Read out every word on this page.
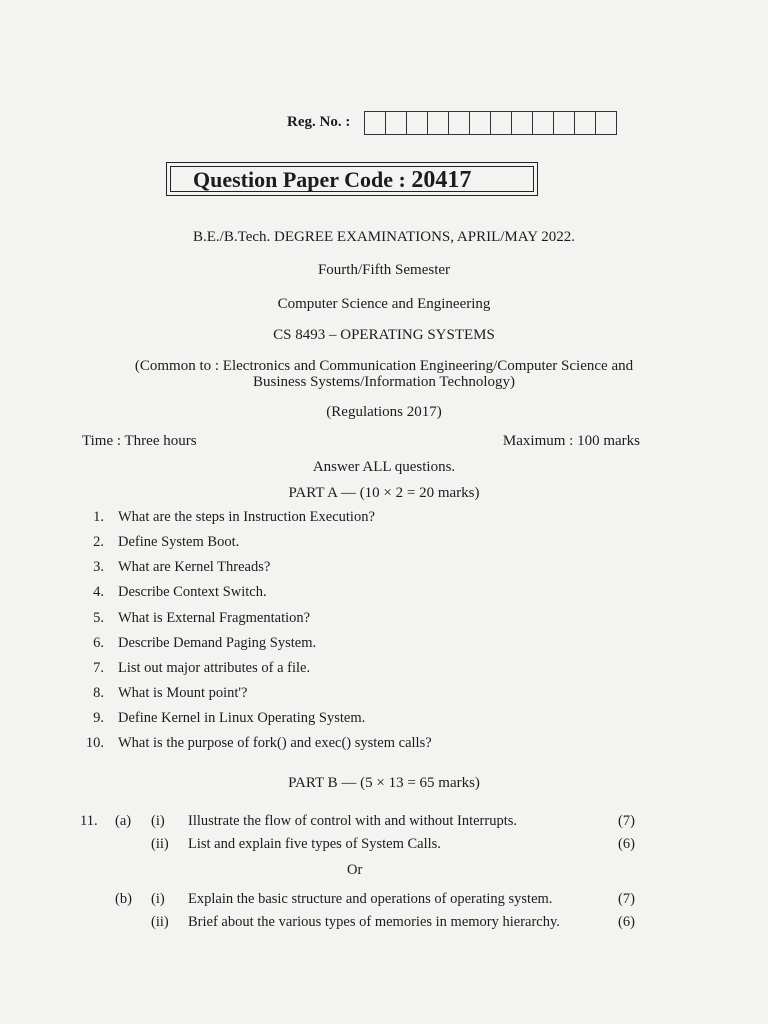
Reg. No. :
Question Paper Code : 20417
B.E./B.Tech. DEGREE EXAMINATIONS, APRIL/MAY 2022.
Fourth/Fifth Semester
Computer Science and Engineering
CS 8493 – OPERATING SYSTEMS
(Common to : Electronics and Communication Engineering/Computer Science and
Business Systems/Information Technology)
(Regulations 2017)
Time : Three hours	Maximum : 100 marks
Answer ALL questions.
PART A — (10 × 2 = 20 marks)
1. What are the steps in Instruction Execution?
2. Define System Boot.
3. What are Kernel Threads?
4. Describe Context Switch.
5. What is External Fragmentation?
6. Describe Demand Paging System.
7. List out major attributes of a file.
8. What is Mount point'?
9. Define Kernel in Linux Operating System.
10. What is the purpose of fork() and exec() system calls?
PART B — (5 × 13 = 65 marks)
11. (a) (i) Illustrate the flow of control with and without Interrupts.	(7)
(ii) List and explain five types of System Calls.	(6)
Or
(b) (i) Explain the basic structure and operations of operating system.	(7)
(ii) Brief about the various types of memories in memory hierarchy.	(6)
